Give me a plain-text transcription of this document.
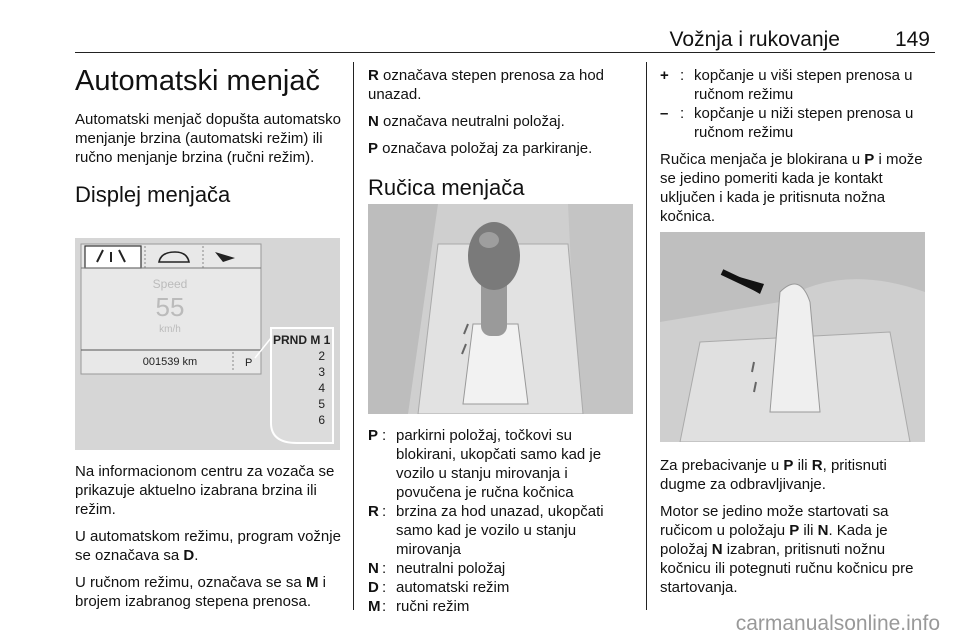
Vožnja i rukovanje	149
Automatski menjač

Automatski menjač dopušta automatsko menjanje brzina (automatski režim) ili ručno menjanje brzina (ručni režim).

Displej menjača
Speed
55
km/h
001539 km	P
PRND M 1
2
3
4
5
6

Na informacionom centru za vozača se prikazuje aktuelno izabrana brzina ili režim.

U automatskom režimu, program vožnje se označava sa D.

U ručnom režimu, označava se sa M i brojem izabranog stepena prenosa.

R označava stepen prenosa za hod unazad.

N označava neutralni položaj.

P označava položaj za parkiranje.

Ručica menjača
P : parkirni položaj, točkovi su blokirani, ukopčati samo kad je vozilo u stanju mirovanja i povučena je ručna kočnica
R : brzina za hod unazad, ukopčati samo kad je vozilo u stanju mirovanja
N : neutralni položaj
D : automatski režim
M : ručni režim
+ : kopčanje u viši stepen prenosa u ručnom režimu
– : kopčanje u niži stepen prenosa u ručnom režimu

Ručica menjača je blokirana u P i može se jedino pomeriti kada je kontakt uključen i kada je pritisnuta nožna kočnica.

Za prebacivanje u P ili R, pritisnuti dugme za odbravljivanje.

Motor se jedino može startovati sa ručicom u položaju P ili N. Kada je položaj N izabran, pritisnuti nožnu kočnicu ili potegnuti ručnu kočnicu pre startovanja.

carmanualsonline.info
